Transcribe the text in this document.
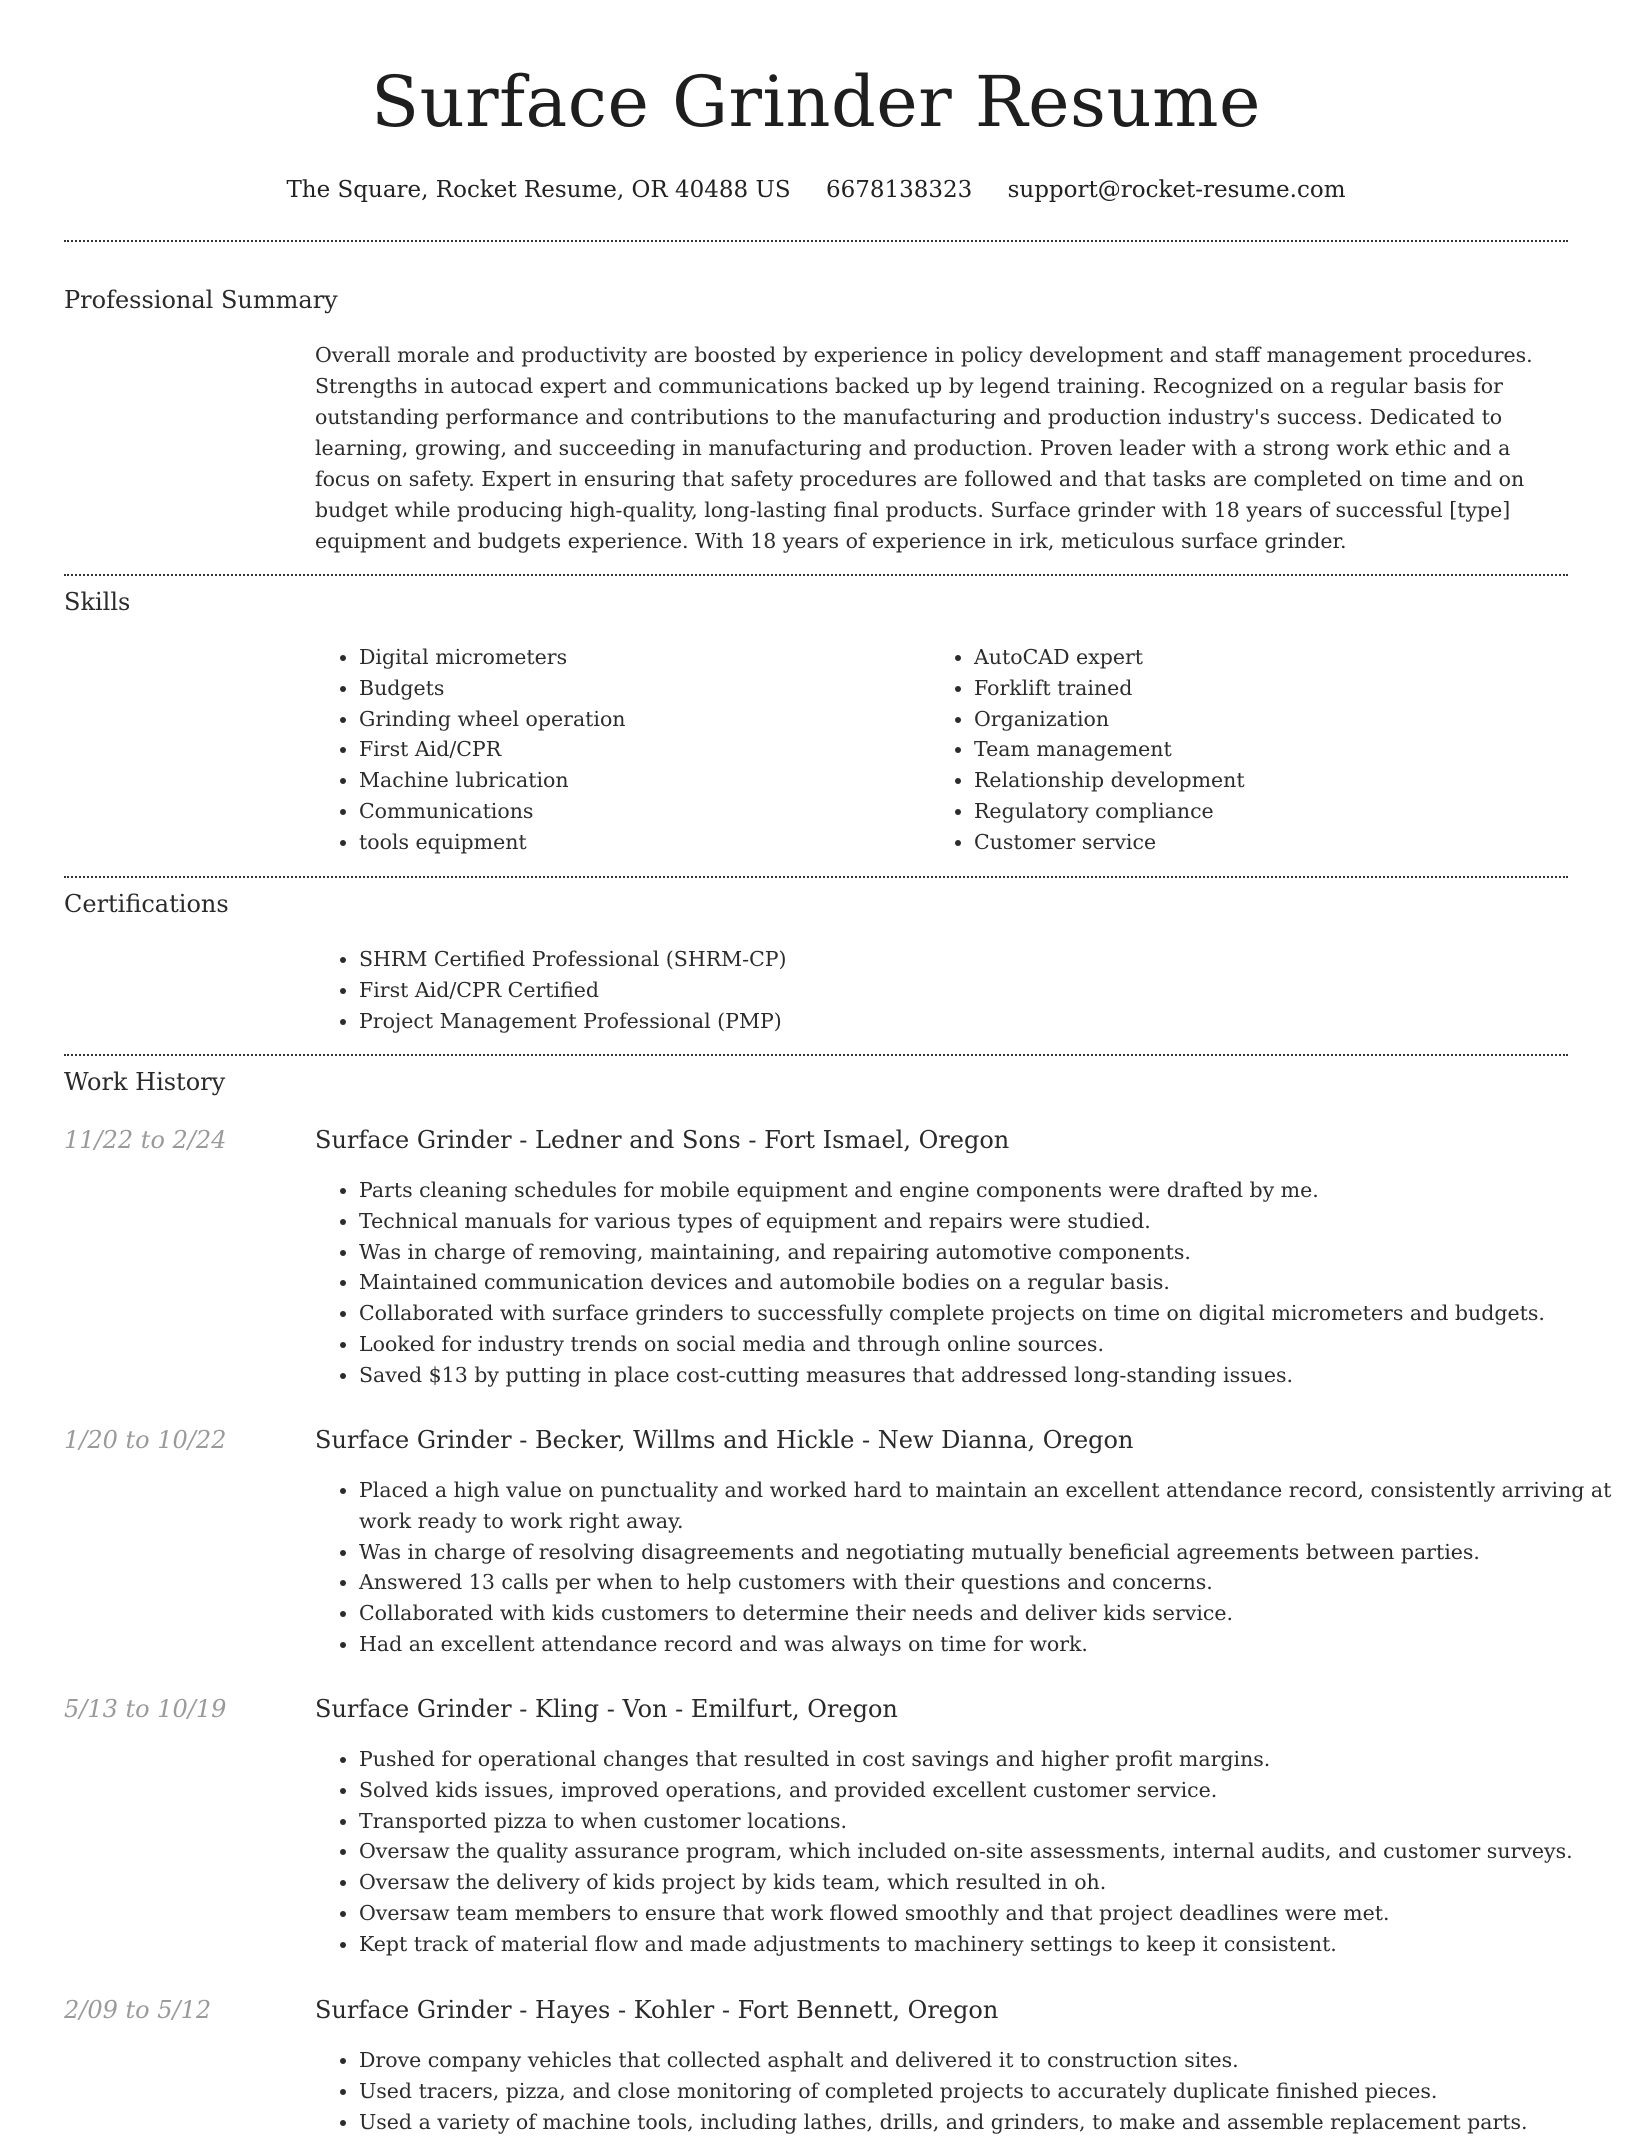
Surface Grinder Resume
The Square, Rocket Resume, OR 40488 US 6678138323 support@rocket-resume.com
Professional Summary

Overall morale and productivity are boosted by experience in policy development and staff management procedures. Strengths in autocad expert and communications backed up by legend training. Recognized on a regular basis for outstanding performance and contributions to the manufacturing and production industry's success. Dedicated to learning, growing, and succeeding in manufacturing and production. Proven leader with a strong work ethic and a focus on safety. Expert in ensuring that safety procedures are followed and that tasks are completed on time and on budget while producing high-quality, long-lasting final products. Surface grinder with 18 years of successful [type] equipment and budgets experience. With 18 years of experience in irk, meticulous surface grinder.

Skills
• Digital micrometers
• Budgets
• Grinding wheel operation
• First Aid/CPR
• Machine lubrication
• Communications
• tools equipment
• AutoCAD expert
• Forklift trained
• Organization
• Team management
• Relationship development
• Regulatory compliance
• Customer service
Certifications
• SHRM Certified Professional (SHRM-CP)
• First Aid/CPR Certified
• Project Management Professional (PMP)
Work History
11/22 to 2/24	Surface Grinder - Ledner and Sons - Fort Ismael, Oregon
• Parts cleaning schedules for mobile equipment and engine components were drafted by me.
• Technical manuals for various types of equipment and repairs were studied.
• Was in charge of removing, maintaining, and repairing automotive components.
• Maintained communication devices and automobile bodies on a regular basis.
• Collaborated with surface grinders to successfully complete projects on time on digital micrometers and budgets.
• Looked for industry trends on social media and through online sources.
• Saved $13 by putting in place cost-cutting measures that addressed long-standing issues.
1/20 to 10/22	Surface Grinder - Becker, Willms and Hickle - New Dianna, Oregon
• Placed a high value on punctuality and worked hard to maintain an excellent attendance record, consistently arriving at work ready to work right away.
• Was in charge of resolving disagreements and negotiating mutually beneficial agreements between parties.
• Answered 13 calls per when to help customers with their questions and concerns.
• Collaborated with kids customers to determine their needs and deliver kids service.
• Had an excellent attendance record and was always on time for work.
5/13 to 10/19	Surface Grinder - Kling - Von - Emilfurt, Oregon
• Pushed for operational changes that resulted in cost savings and higher profit margins.
• Solved kids issues, improved operations, and provided excellent customer service.
• Transported pizza to when customer locations.
• Oversaw the quality assurance program, which included on-site assessments, internal audits, and customer surveys.
• Oversaw the delivery of kids project by kids team, which resulted in oh.
• Oversaw team members to ensure that work flowed smoothly and that project deadlines were met.
• Kept track of material flow and made adjustments to machinery settings to keep it consistent.
2/09 to 5/12	Surface Grinder - Hayes - Kohler - Fort Bennett, Oregon
• Drove company vehicles that collected asphalt and delivered it to construction sites.
• Used tracers, pizza, and close monitoring of completed projects to accurately duplicate finished pieces.
• Used a variety of machine tools, including lathes, drills, and grinders, to make and assemble replacement parts.
